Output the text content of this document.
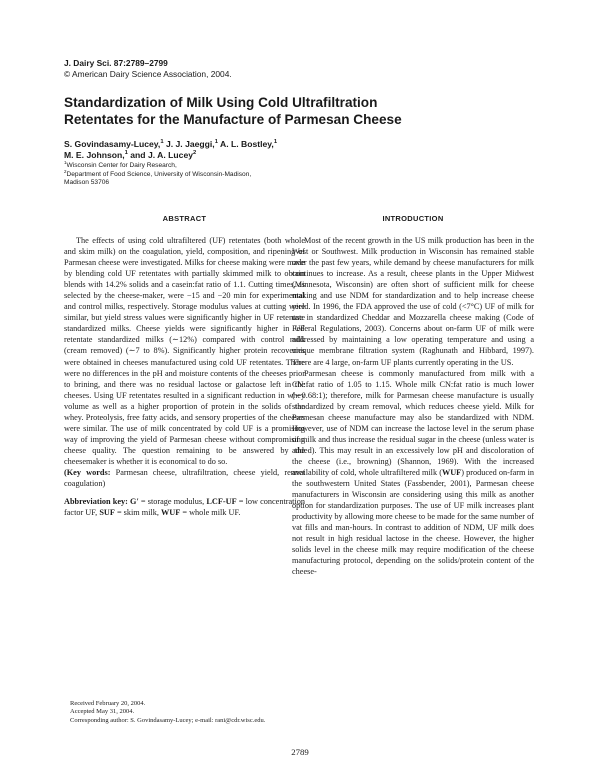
J. Dairy Sci. 87:2789–2799
© American Dairy Science Association, 2004.
Standardization of Milk Using Cold Ultrafiltration
Retentates for the Manufacture of Parmesan Cheese
S. Govindasamy-Lucey,$^1$ J. J. Jaeggi,$^1$ A. L. Bostley,$^1$
M. E. Johnson,$^1$ and J. A. Lucey$^2$
$^1$Wisconsin Center for Dairy Research,
$^2$Department of Food Science, University of Wisconsin-Madison,
Madison 53706
ABSTRACT

The effects of using cold ultrafiltered (UF) retentates (both whole and skim milk) on the coagulation, yield, composition, and ripening of Parmesan cheese were investigated. Milks for cheese making were made by blending cold UF retentates with partially skimmed milk to obtain blends with 14.2% solids and a casein:fat ratio of 1.1. Cutting times, as selected by the cheese-maker, were −15 and −20 min for experimental and control milks, respectively. Storage modulus values at cutting were similar, but yield stress values were significantly higher in UF retentate standardized milks. Cheese yields were significantly higher in UF retentate standardized milks (∼12%) compared with control milk (cream removed) (∼7 to 8%). Significantly higher protein recoveries were obtained in cheeses manufactured using cold UF retentates. There were no differences in the pH and moisture contents of the cheeses prior to brining, and there was no residual lactose or galactose left in the cheeses. Using UF retentates resulted in a significant reduction in whey volume as well as a higher proportion of protein in the solids of the whey. Proteolysis, free fatty acids, and sensory properties of the cheeses were similar. The use of milk concentrated by cold UF is a promising way of improving the yield of Parmesan cheese without compromising cheese quality. The question remaining to be answered by the cheesemaker is whether it is economical to do so.

(Key words: Parmesan cheese, ultrafiltration, cheese yield, rennet coagulation)

Abbreviation key: G′ = storage modulus, LCF-UF = low concentration factor UF, SUF = skim milk, WUF = whole milk UF.

Received February 20, 2004.

Accepted May 31, 2004.

Corresponding author: S. Govindasamy-Lucey; e-mail: rani@cdr.wisc.edu.

INTRODUCTION

Most of the recent growth in the US milk production has been in the West or Southwest. Milk production in Wisconsin has remained stable over the past few years, while demand by cheese manufacturers for milk continues to increase. As a result, cheese plants in the Upper Midwest (Minnesota, Wisconsin) are often short of sufficient milk for cheese making and use NDM for standardization and to help increase cheese yield. In 1996, the FDA approved the use of cold (<7°C) UF of milk for use in standardized Cheddar and Mozzarella cheese making (Code of Federal Regulations, 2003). Concerns about on-farm UF of milk were addressed by maintaining a low operating temperature and using a unique membrane filtration system (Raghunath and Hibbard, 1997). There are 4 large, on-farm UF plants currently operating in the US.

Parmesan cheese is commonly manufactured from milk with a CN:fat ratio of 1.05 to 1.15. Whole milk CN:fat ratio is much lower (∼0.68:1); therefore, milk for Parmesan cheese manufacture is usually standardized by cream removal, which reduces cheese yield. Milk for Parmesan cheese manufacture may also be standardized with NDM. However, use of NDM can increase the lactose level in the serum phase of milk and thus increase the residual sugar in the cheese (unless water is added). This may result in an excessively low pH and discoloration of the cheese (i.e., browning) (Shannon, 1969). With the increased availability of cold, whole ultrafiltered milk (WUF) produced on-farm in the southwestern United States (Fassbender, 2001), Parmesan cheese manufacturers in Wisconsin are considering using this milk as another option for standardization purposes. The use of UF milk increases plant productivity by allowing more cheese to be made for the same number of vat fills and man-hours. In contrast to addition of NDM, UF milk does not result in high residual lactose in the cheese. However, the higher solids level in the cheese milk may require modification of the cheese manufacturing protocol, depending on the solids/protein content of the cheese-

2789
